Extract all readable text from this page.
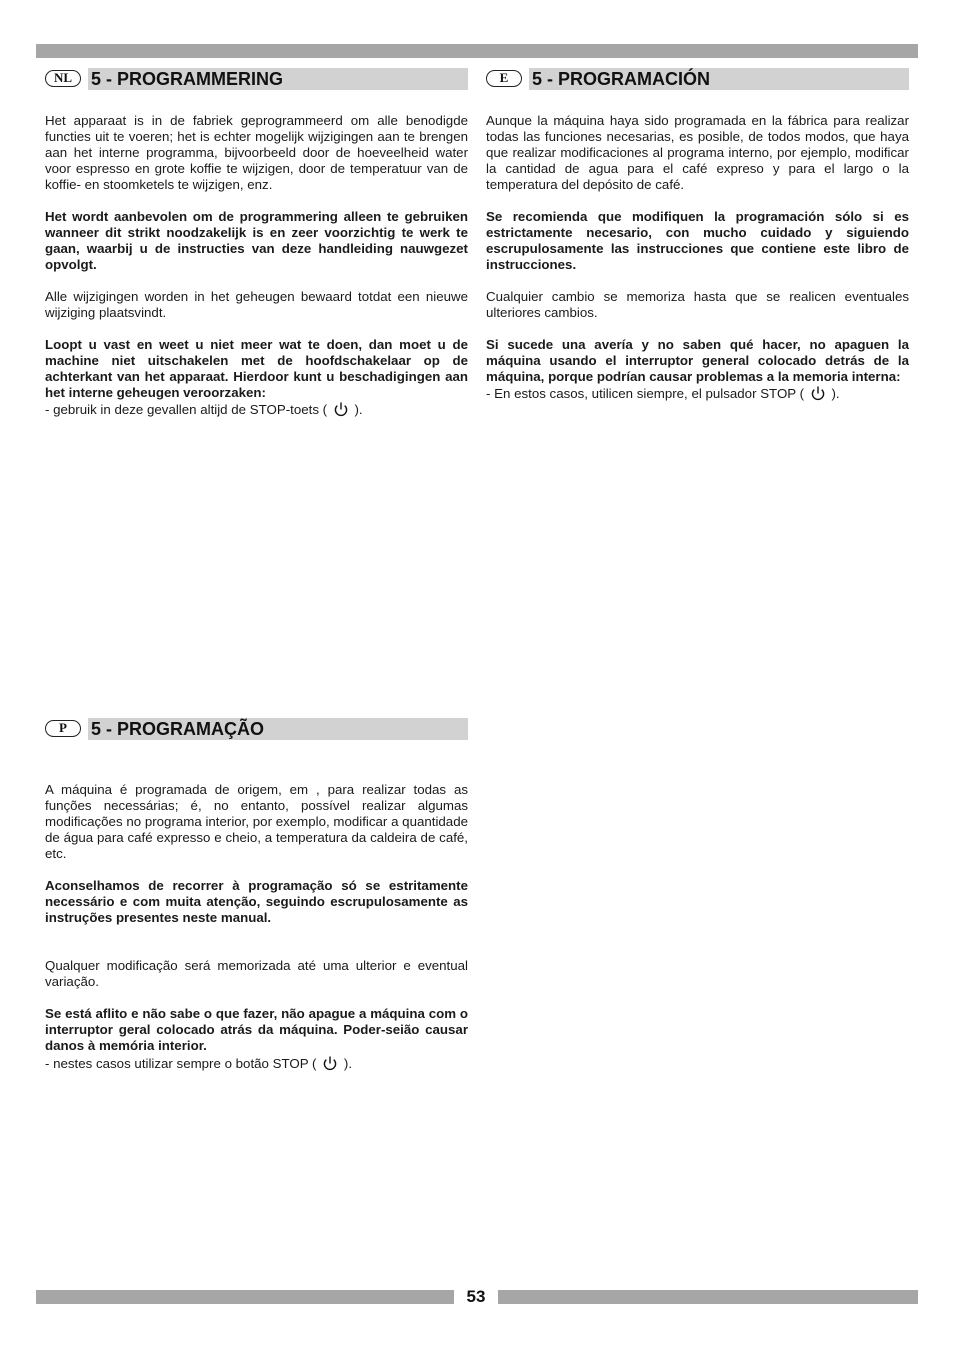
NL	5 - PROGRAMMERING

Het apparaat is in de fabriek geprogrammeerd om alle benodigde functies uit te voeren; het is echter mogelijk wijzigingen aan te brengen aan het interne programma, bijvoorbeeld door de hoeveelheid water voor espresso en grote koffie te wijzigen, door de temperatuur van de koffie- en stoomketels te wijzigen, enz.

Het wordt aanbevolen om de programmering alleen te gebruiken wanneer dit strikt noodzakelijk is en zeer voorzichtig te werk te gaan, waarbij u de instructies van deze handleiding nauwgezet opvolgt.

Alle wijzigingen worden in het geheugen bewaard totdat een nieuwe wijziging plaatsvindt.

Loopt u vast en weet u niet meer wat te doen, dan moet u de machine niet uitschakelen met de hoofdschakelaar op de achterkant van het apparaat. Hierdoor kunt u beschadigingen aan het interne geheugen veroorzaken:

- gebruik in deze gevallen altijd de STOP-toets ( ).

E	5 - PROGRAMACIÓN

Aunque la máquina haya sido programada en la fábrica para realizar todas las funciones necesarias, es posible, de todos modos, que haya que realizar modificaciones al programa interno, por ejemplo, modificar la cantidad de agua para el café expreso y para el largo o la temperatura del depósito de café.

Se recomienda que modifiquen la programación sólo si es estrictamente necesario, con mucho cuidado y siguiendo escrupulosamente las instrucciones que contiene este libro de instrucciones.

Cualquier cambio se memoriza hasta que se realicen eventuales ulteriores cambios.

Si sucede una avería y no saben qué hacer, no apaguen la máquina usando el interruptor general colocado detrás de la máquina, porque podrían causar problemas a la memoria interna:

- En estos casos, utilicen siempre, el pulsador STOP ( ).

P	5 - PROGRAMAÇÃO

A máquina é programada de origem, em , para realizar todas as funções necessárias; é, no entanto, possível realizar algumas modificações no programa interior, por exemplo, modificar a quantidade de água para café expresso e cheio, a temperatura da caldeira de café, etc.

Aconselhamos de recorrer à programação só se estritamente necessário e com muita atenção, seguindo escrupulosamente as instruções presentes neste manual.

Qualquer modificação será memorizada até uma ulterior e eventual variação.

Se está aflito e não sabe o que fazer, não apague a máquina com o interruptor geral colocado atrás da máquina. Poder-seião causar danos à memória interior.

- nestes casos utilizar sempre o botão STOP ( ).

53
